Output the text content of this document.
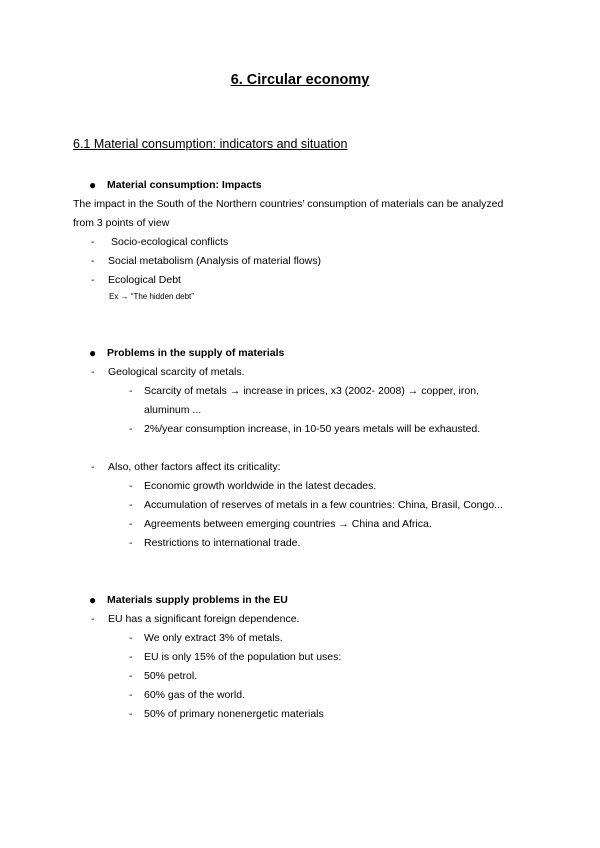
6. Circular economy
6.1 Material consumption: indicators and situation
● Material consumption: Impacts
The impact in the South of the Northern countries’ consumption of materials can be analyzed
from 3 points of view
- Socio-ecological conflicts
- Social metabolism (Analysis of material flows)
- Ecological Debt
Ex → “The hidden debt”
● Problems in the supply of materials
- Geological scarcity of metals.
- Scarcity of metals → increase in prices, x3 (2002- 2008) → copper, iron,
aluminum ...
- 2%/year consumption increase, in 10-50 years metals will be exhausted.
- Also, other factors affect its criticality:
- Economic growth worldwide in the latest decades.
- Accumulation of reserves of metals in a few countries: China, Brasil, Congo...
- Agreements between emerging countries → China and Africa.
- Restrictions to international trade.
● Materials supply problems in the EU
- EU has a significant foreign dependence.
- We only extract 3% of metals.
- EU is only 15% of the population but uses:
- 50% petrol.
- 60% gas of the world.
- 50% of primary nonenergetic materials
